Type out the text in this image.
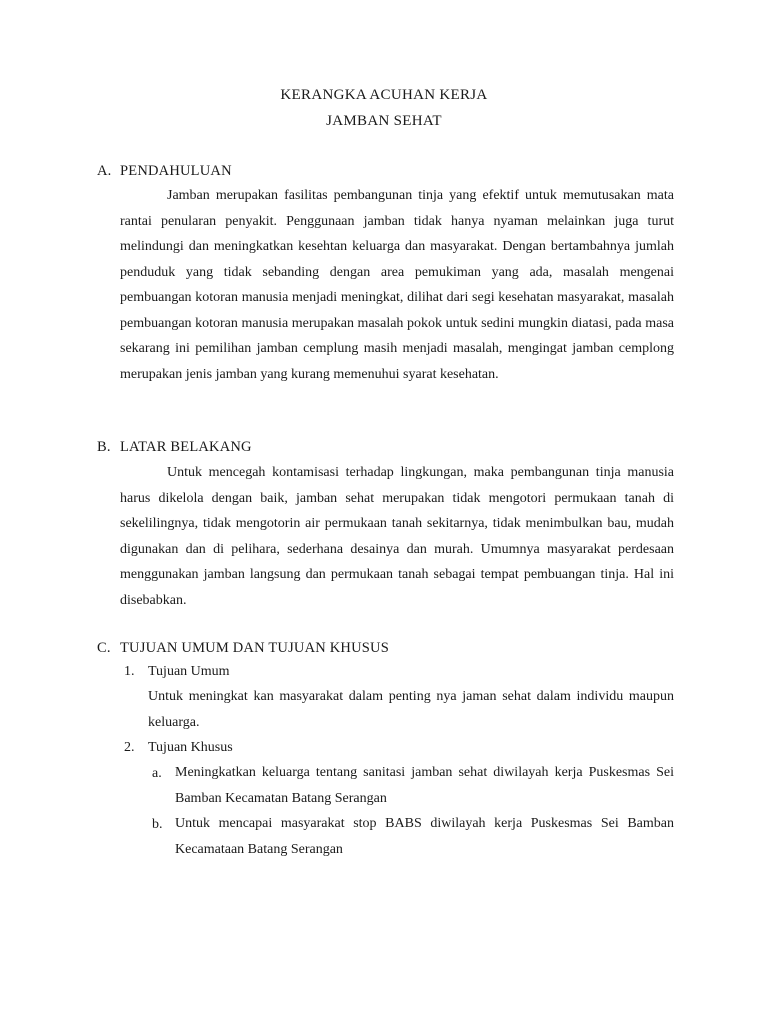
KERANGKA ACUHAN KERJA
JAMBAN SEHAT
A. PENDAHULUAN
Jamban merupakan fasilitas pembangunan tinja yang efektif untuk memutusakan mata rantai penularan penyakit. Penggunaan jamban tidak hanya nyaman melainkan juga turut melindungi dan meningkatkan kesehtan keluarga dan masyarakat. Dengan bertambahnya jumlah penduduk yang tidak sebanding dengan area pemukiman yang ada, masalah mengenai pembuangan kotoran manusia menjadi meningkat, dilihat dari segi kesehatan masyarakat, masalah pembuangan kotoran manusia merupakan masalah pokok untuk sedini mungkin diatasi, pada masa sekarang ini pemilihan jamban cemplung masih menjadi masalah, mengingat jamban cemplong merupakan jenis jamban yang kurang memenuhui syarat kesehatan.
B. LATAR BELAKANG
Untuk mencegah kontamisasi terhadap lingkungan, maka pembangunan tinja manusia harus dikelola dengan baik, jamban sehat merupakan tidak mengotori permukaan tanah di sekelilingnya, tidak mengotorin air permukaan tanah sekitarnya, tidak menimbulkan bau, mudah digunakan dan di pelihara, sederhana desainya dan murah. Umumnya masyarakat perdesaan menggunakan jamban langsung dan permukaan tanah sebagai tempat pembuangan tinja. Hal ini disebabkan.
C. TUJUAN UMUM DAN TUJUAN KHUSUS
1. Tujuan Umum
Untuk meningkat kan masyarakat dalam penting nya jaman sehat dalam individu maupun keluarga.
2. Tujuan Khusus
a. Meningkatkan keluarga tentang sanitasi jamban sehat diwilayah kerja Puskesmas Sei Bamban Kecamatan Batang Serangan
b. Untuk mencapai masyarakat stop BABS diwilayah kerja Puskesmas Sei Bamban Kecamataan Batang Serangan
